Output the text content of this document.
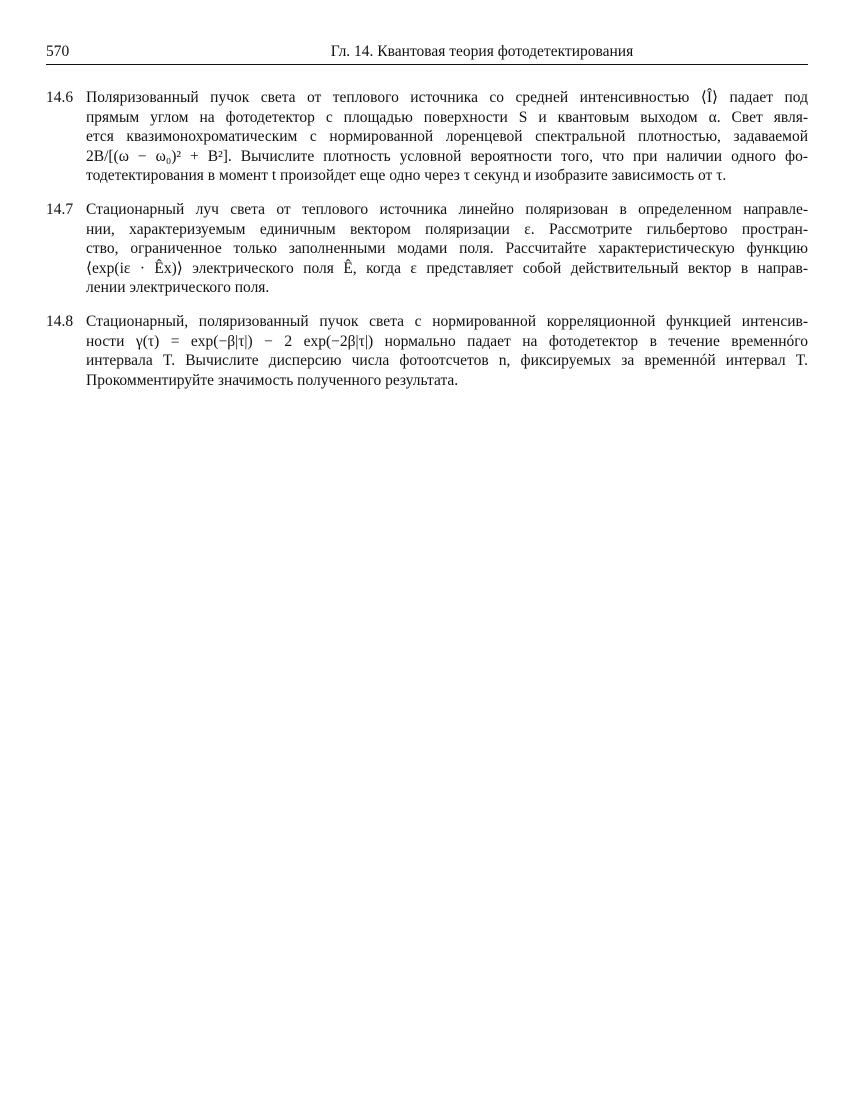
570	Гл. 14. Квантовая теория фотодетектирования
14.6 Поляризованный пучок света от теплового источника со средней интенсивностью ⟨Î⟩ падает под
прямым углом на фотодетектор с площадью поверхности S и квантовым выходом α. Свет явля-
ется квазимонохроматическим с нормированной лоренцевой спектральной плотностью, задаваемой
2B/[(ω − ω₀)² + B²]. Вычислите плотность условной вероятности того, что при наличии одного фо-
тодетектирования в момент t произойдет еще одно через τ секунд и изобразите зависимость от τ.
14.7 Стационарный луч света от теплового источника линейно поляризован в определенном направле-
нии, характеризуемым единичным вектором поляризации ε. Рассмотрите гильбертово простран-
ство, ограниченное только заполненными модами поля. Рассчитайте характеристическую функцию
⟨exp(iε · Êx)⟩ электрического поля Ê, когда ε представляет собой действительный вектор в направ-
лении электрического поля.
14.8 Стационарный, поляризованный пучок света с нормированной корреляционной функцией интенсив-
ности γ(τ) = exp(−β|τ|) − 2 exp(−2β|τ|) нормально падает на фотодетектор в течение временнóго
интервала T. Вычислите дисперсию числа фотоотсчетов n, фиксируемых за временнóй интервал T.
Прокомментируйте значимость полученного результата.
